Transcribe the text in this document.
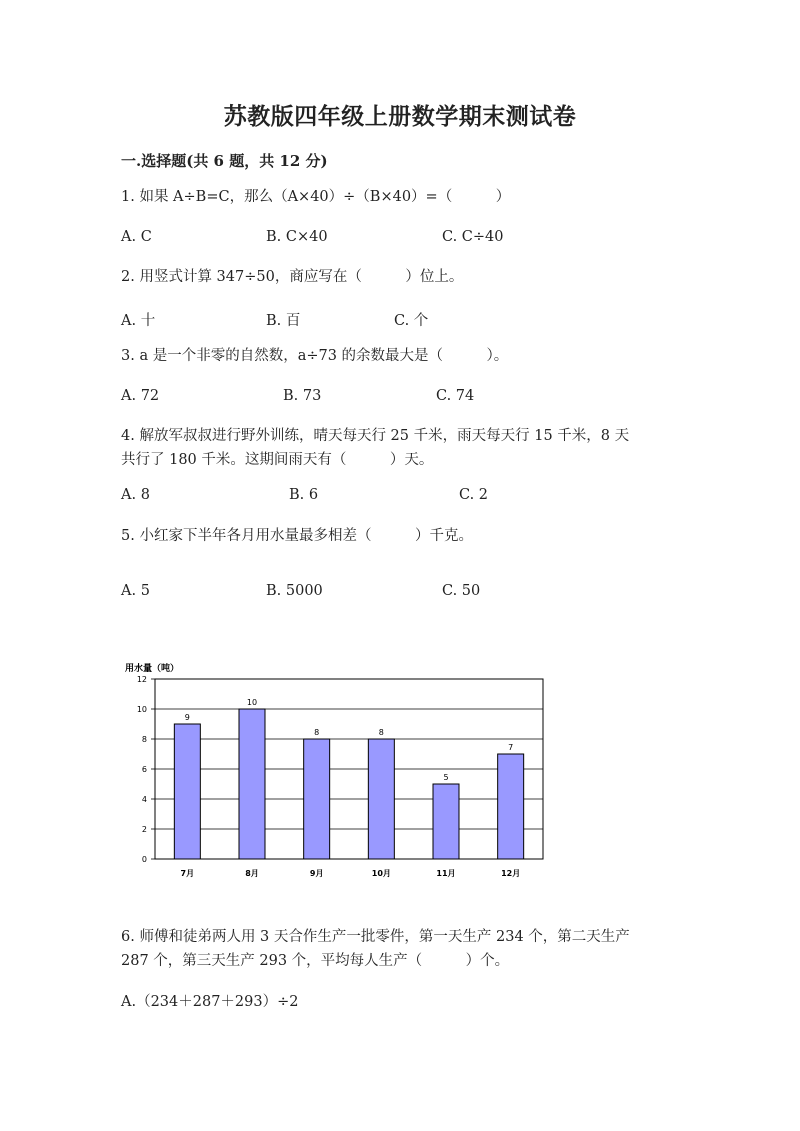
苏教版四年级上册数学期末测试卷
一.选择题(共 6 题，共 12 分)
1. 如果 A÷B=C，那么（A×40）÷（B×40）=（　　　）
A. C	B. C×40	C. C÷40
2. 用竖式计算 347÷50，商应写在（　　　）位上。
A. 十	B. 百	C. 个
3. a 是一个非零的自然数，a÷73 的余数最大是（　　　）。
A. 72	B. 73	C. 74
4. 解放军叔叔进行野外训练，晴天每天行 25 千米，雨天每天行 15 千米，8 天
共行了 180 千米。这期间雨天有（　　　）天。
A. 8	B. 6	C. 2
5. 小红家下半年各月用水量最多相差（　　　）千克。
A. 5	B. 5000	C. 50
用水量（吨）
0
2
4
6
8
10
12
9
7月
10
8月
8
9月
8
10月
5
11月
7
12月
6. 师傅和徒弟两人用 3 天合作生产一批零件，第一天生产 234 个，第二天生产
287 个，第三天生产 293 个，平均每人生产（　　　）个。
A.（234＋287＋293）÷2
